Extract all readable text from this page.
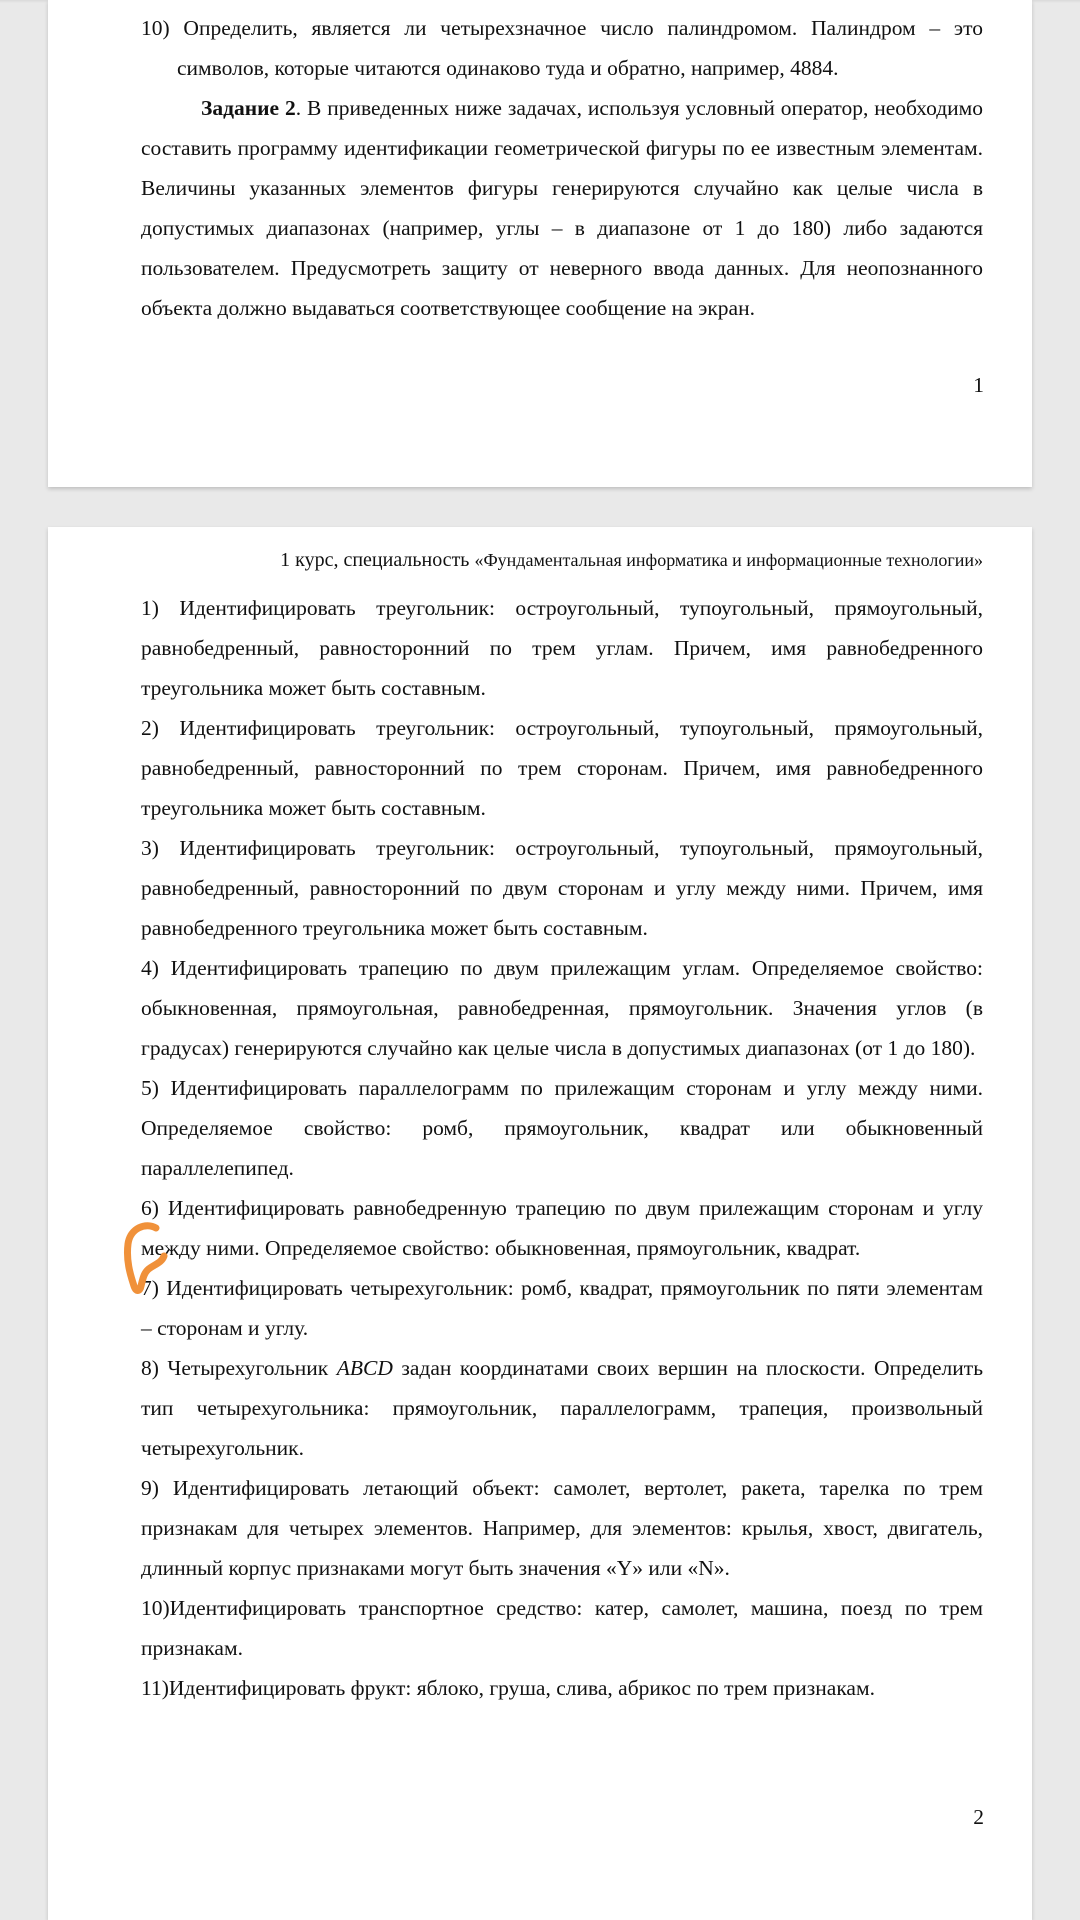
10) Определить, является ли четырехзначное число палиндромом. Палиндром – это символов, которые читаются одинаково туда и обратно, например, 4884.

Задание 2. В приведенных ниже задачах, используя условный оператор, необходимо составить программу идентификации геометрической фигуры по ее известным элементам. Величины указанных элементов фигуры генерируются случайно как целые числа в допустимых диапазонах (например, углы – в диапазоне от 1 до 180) либо задаются пользователем. Предусмотреть защиту от неверного ввода данных. Для неопознанного объекта должно выдаваться соответствующее сообщение на экран.

1

1 курс, специальность «Фундаментальная информатика и информационные технологии»

1) Идентифицировать треугольник: остроугольный, тупоугольный, прямоугольный, равнобедренный, равносторонний по трем углам. Причем, имя равнобедренного треугольника может быть составным.

2) Идентифицировать треугольник: остроугольный, тупоугольный, прямоугольный, равнобедренный, равносторонний по трем сторонам. Причем, имя равнобедренного треугольника может быть составным.

3) Идентифицировать треугольник: остроугольный, тупоугольный, прямоугольный, равнобедренный, равносторонний по двум сторонам и углу между ними. Причем, имя равнобедренного треугольника может быть составным.

4) Идентифицировать трапецию по двум прилежащим углам. Определяемое свойство: обыкновенная, прямоугольная, равнобедренная, прямоугольник. Значения углов (в градусах) генерируются случайно как целые числа в допустимых диапазонах (от 1 до 180).

5) Идентифицировать параллелограмм по прилежащим сторонам и углу между ними. Определяемое свойство: ромб, прямоугольник, квадрат или обыкновенный параллелепипед.

6) Идентифицировать равнобедренную трапецию по двум прилежащим сторонам и углу между ними. Определяемое свойство: обыкновенная, прямоугольник, квадрат.

7) Идентифицировать четырехугольник: ромб, квадрат, прямоугольник по пяти элементам – сторонам и углу.

8) Четырехугольник ABCD задан координатами своих вершин на плоскости. Определить тип четырехугольника: прямоугольник, параллелограмм, трапеция, произвольный четырехугольник.

9) Идентифицировать летающий объект: самолет, вертолет, ракета, тарелка по трем признакам для четырех элементов. Например, для элементов: крылья, хвост, двигатель, длинный корпус признаками могут быть значения «Y» или «N».

10)Идентифицировать транспортное средство: катер, самолет, машина, поезд по трем признакам.

11)Идентифицировать фрукт: яблоко, груша, слива, абрикос по трем признакам.

2
